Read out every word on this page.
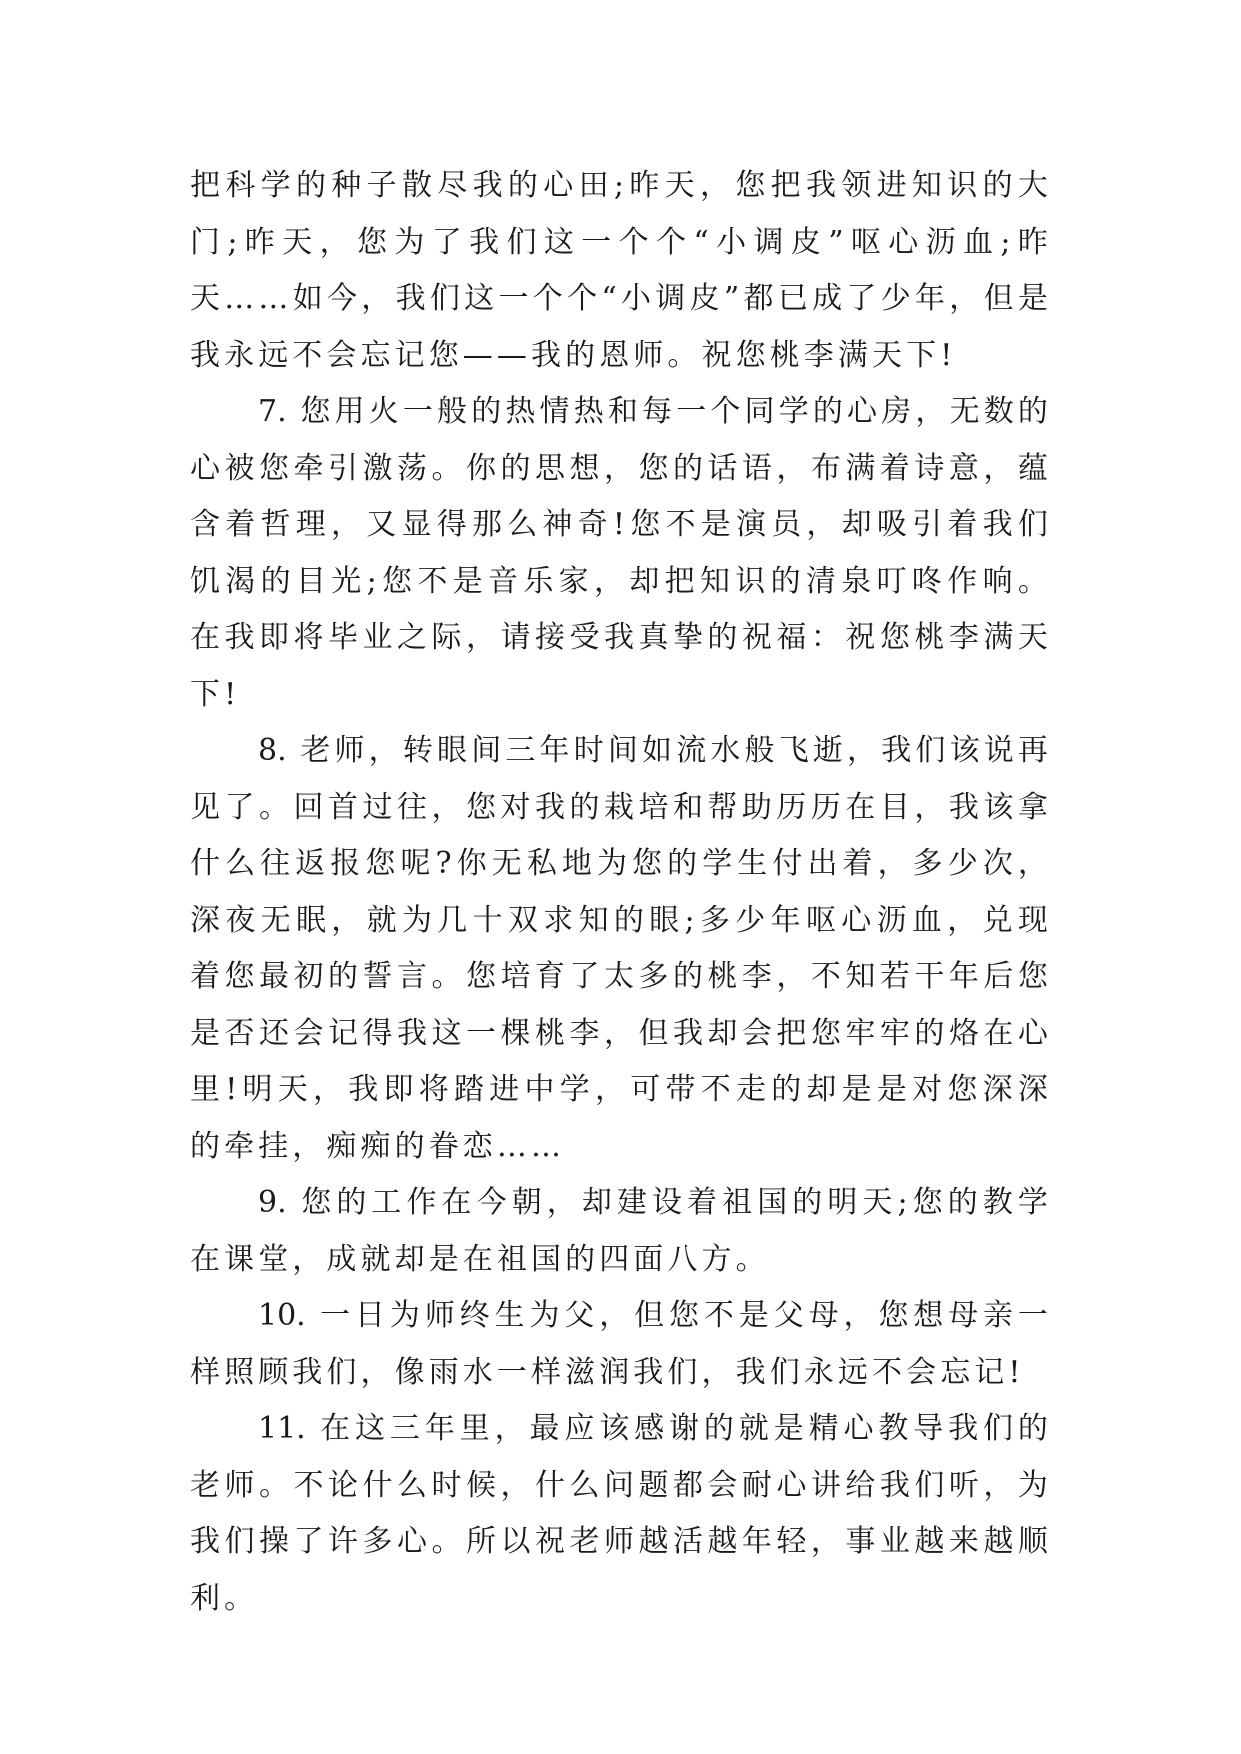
把科学的种子散尽我的心田;昨天，您把我领进知识的大门;昨天，您为了我们这一个个“小调皮”呕心沥血;昨天……如今，我们这一个个“小调皮”都已成了少年，但是我永远不会忘记您——我的恩师。祝您桃李满天下!

7. 您用火一般的热情热和每一个同学的心房，无数的心被您牵引激荡。你的思想，您的话语，布满着诗意，蕴含着哲理，又显得那么神奇!您不是演员，却吸引着我们饥渴的目光;您不是音乐家，却把知识的清泉叮咚作响。在我即将毕业之际，请接受我真挚的祝福：祝您桃李满天下!

8. 老师，转眼间三年时间如流水般飞逝，我们该说再见了。回首过往，您对我的栽培和帮助历历在目，我该拿什么往返报您呢?你无私地为您的学生付出着，多少次，深夜无眠，就为几十双求知的眼;多少年呕心沥血，兑现着您最初的誓言。您培育了太多的桃李，不知若干年后您是否还会记得我这一棵桃李，但我却会把您牢牢的烙在心里!明天，我即将踏进中学，可带不走的却是是对您深深的牵挂，痴痴的眷恋……

9. 您的工作在今朝，却建设着祖国的明天;您的教学在课堂，成就却是在祖国的四面八方。

10. 一日为师终生为父，但您不是父母，您想母亲一样照顾我们，像雨水一样滋润我们，我们永远不会忘记!

11. 在这三年里，最应该感谢的就是精心教导我们的老师。不论什么时候，什么问题都会耐心讲给我们听，为我们操了许多心。所以祝老师越活越年轻，事业越来越顺利。
